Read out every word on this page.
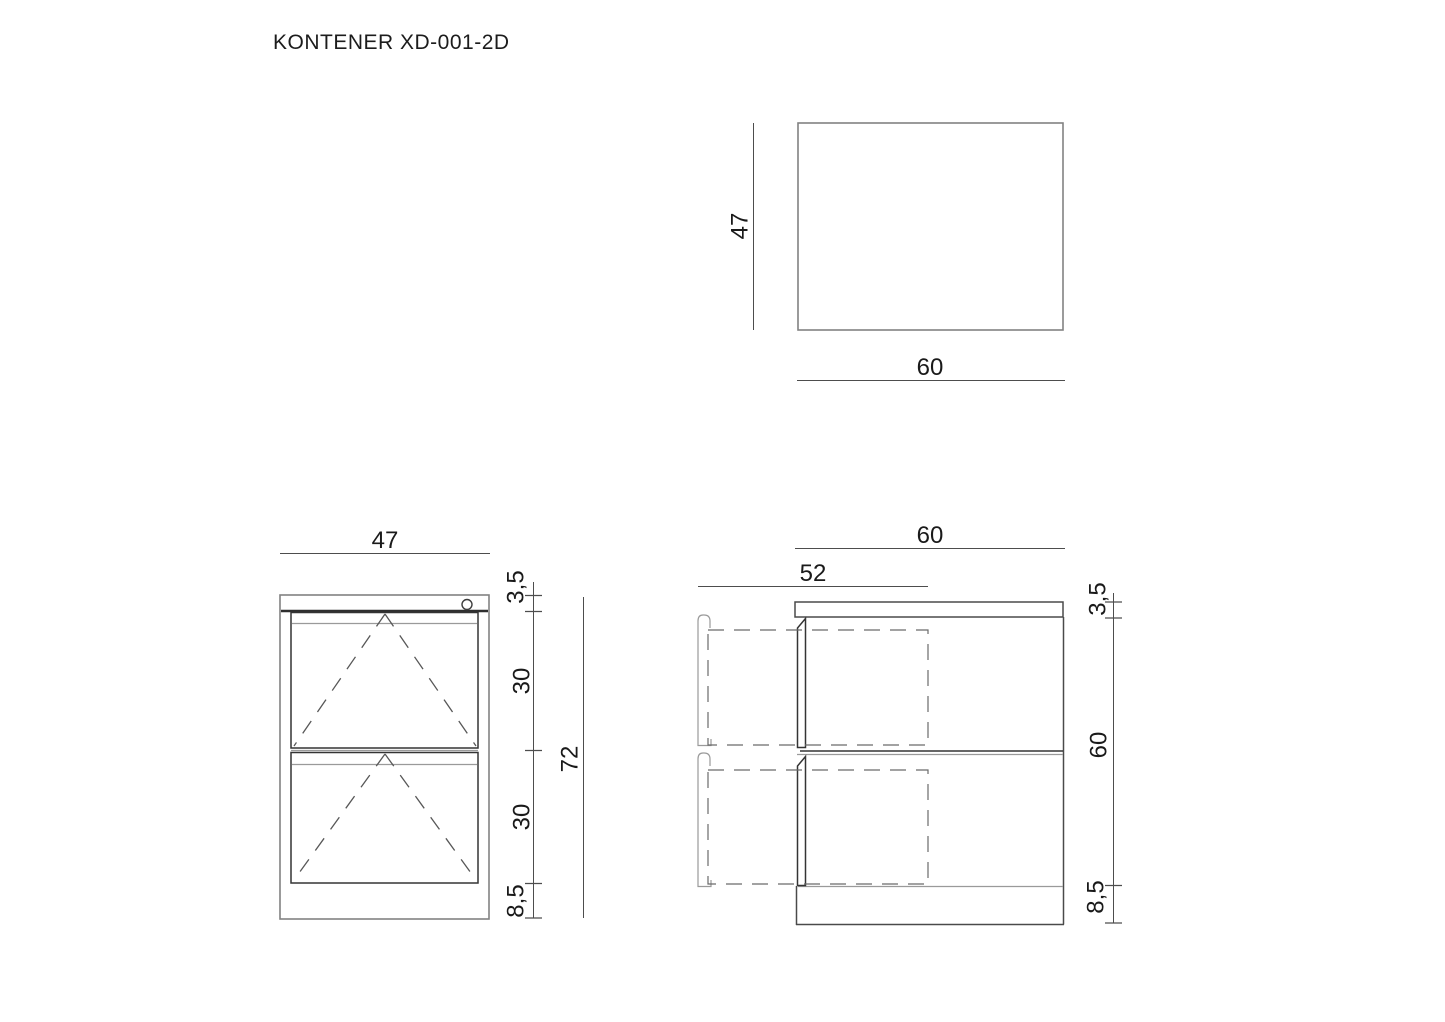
KONTENER XD-001-2D
47
60
47
3,5
30
30
8,5
72
60
52
3,5
60
8,5
